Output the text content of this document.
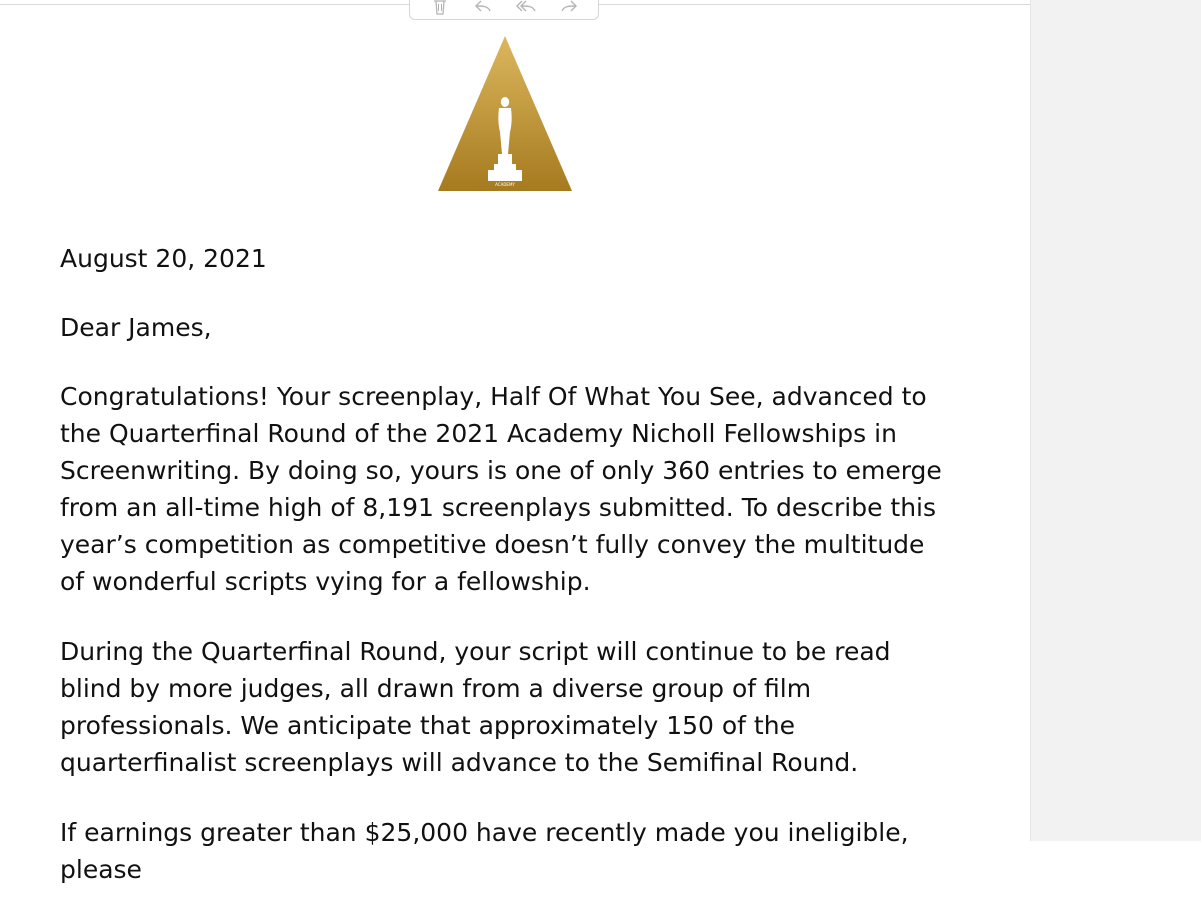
ACADEMY

August 20, 2021

Dear James,

Congratulations! Your screenplay, Half Of What You See, advanced to the Quarterfinal Round of the 2021 Academy Nicholl Fellowships in Screenwriting. By doing so, yours is one of only 360 entries to emerge from an all-time high of 8,191 screenplays submitted. To describe this year’s competition as competitive doesn’t fully convey the multitude of wonderful scripts vying for a fellowship.

During the Quarterfinal Round, your script will continue to be read blind by more judges, all drawn from a diverse group of film professionals. We anticipate that approximately 150 of the quarterfinalist screenplays will advance to the Semifinal Round.

If earnings greater than $25,000 have recently made you ineligible, please
